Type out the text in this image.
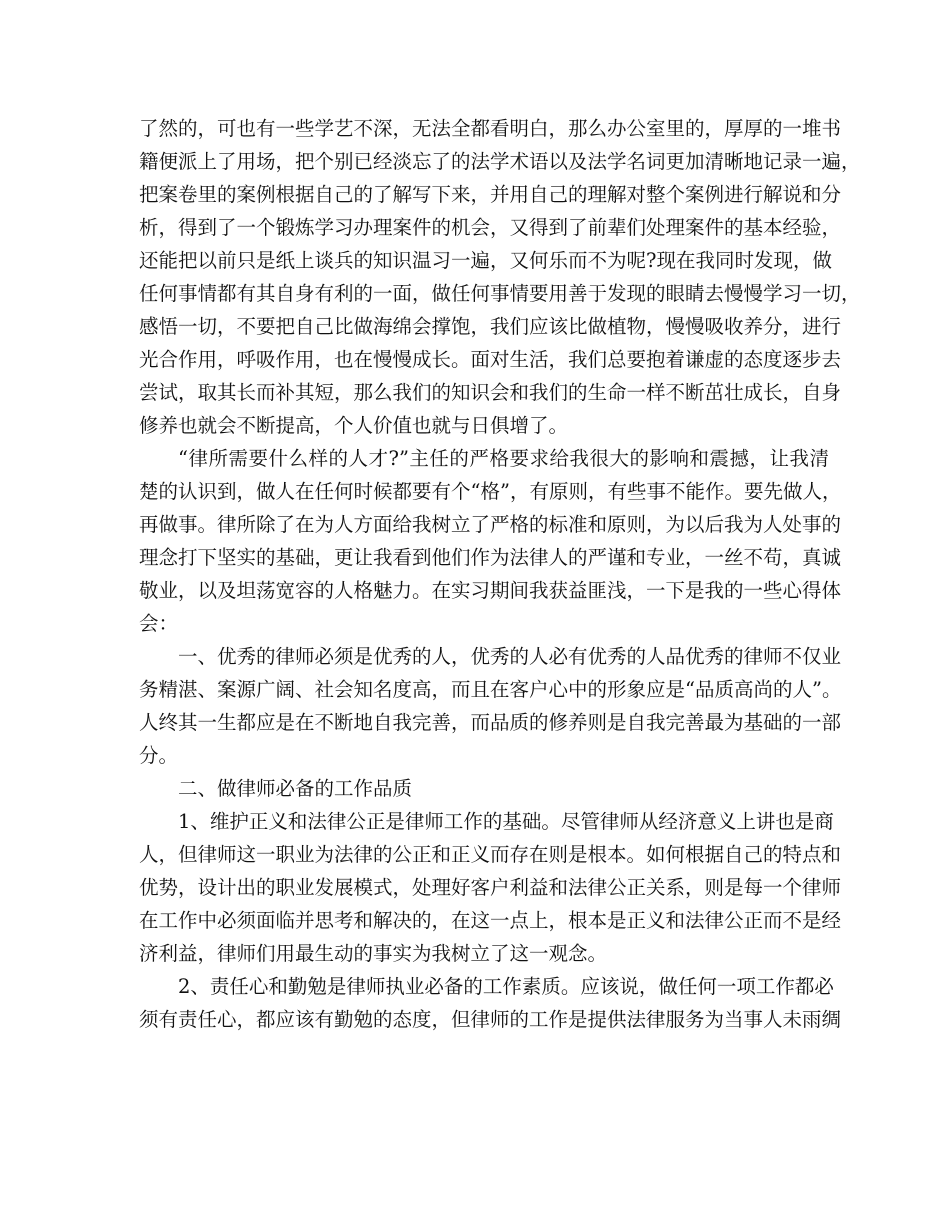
了然的，可也有一些学艺不深，无法全都看明白，那么办公室里的，厚厚的一堆书
籍便派上了用场，把个别已经淡忘了的法学术语以及法学名词更加清晰地记录一遍，
把案卷里的案例根据自己的了解写下来，并用自己的理解对整个案例进行解说和分
析，得到了一个锻炼学习办理案件的机会，又得到了前辈们处理案件的基本经验，
还能把以前只是纸上谈兵的知识温习一遍，又何乐而不为呢?现在我同时发现，做
任何事情都有其自身有利的一面，做任何事情要用善于发现的眼睛去慢慢学习一切，
感悟一切，不要把自己比做海绵会撑饱，我们应该比做植物，慢慢吸收养分，进行
光合作用，呼吸作用，也在慢慢成长。面对生活，我们总要抱着谦虚的态度逐步去
尝试，取其长而补其短，那么我们的知识会和我们的生命一样不断茁壮成长，自身
修养也就会不断提高，个人价值也就与日俱增了。
“律所需要什么样的人才?”主任的严格要求给我很大的影响和震撼，让我清
楚的认识到，做人在任何时候都要有个“格”，有原则，有些事不能作。要先做人，
再做事。律所除了在为人方面给我树立了严格的标准和原则，为以后我为人处事的
理念打下坚实的基础，更让我看到他们作为法律人的严谨和专业，一丝不苟，真诚
敬业，以及坦荡宽容的人格魅力。在实习期间我获益匪浅，一下是我的一些心得体
会：
一、优秀的律师必须是优秀的人，优秀的人必有优秀的人品优秀的律师不仅业
务精湛、案源广阔、社会知名度高，而且在客户心中的形象应是“品质高尚的人”。
人终其一生都应是在不断地自我完善，而品质的修养则是自我完善最为基础的一部
分。
二、做律师必备的工作品质
1、维护正义和法律公正是律师工作的基础。尽管律师从经济意义上讲也是商
人，但律师这一职业为法律的公正和正义而存在则是根本。如何根据自己的特点和
优势，设计出的职业发展模式，处理好客户利益和法律公正关系，则是每一个律师
在工作中必须面临并思考和解决的，在这一点上，根本是正义和法律公正而不是经
济利益，律师们用最生动的事实为我树立了这一观念。
2、责任心和勤勉是律师执业必备的工作素质。应该说，做任何一项工作都必
须有责任心，都应该有勤勉的态度，但律师的工作是提供法律服务为当事人未雨绸
